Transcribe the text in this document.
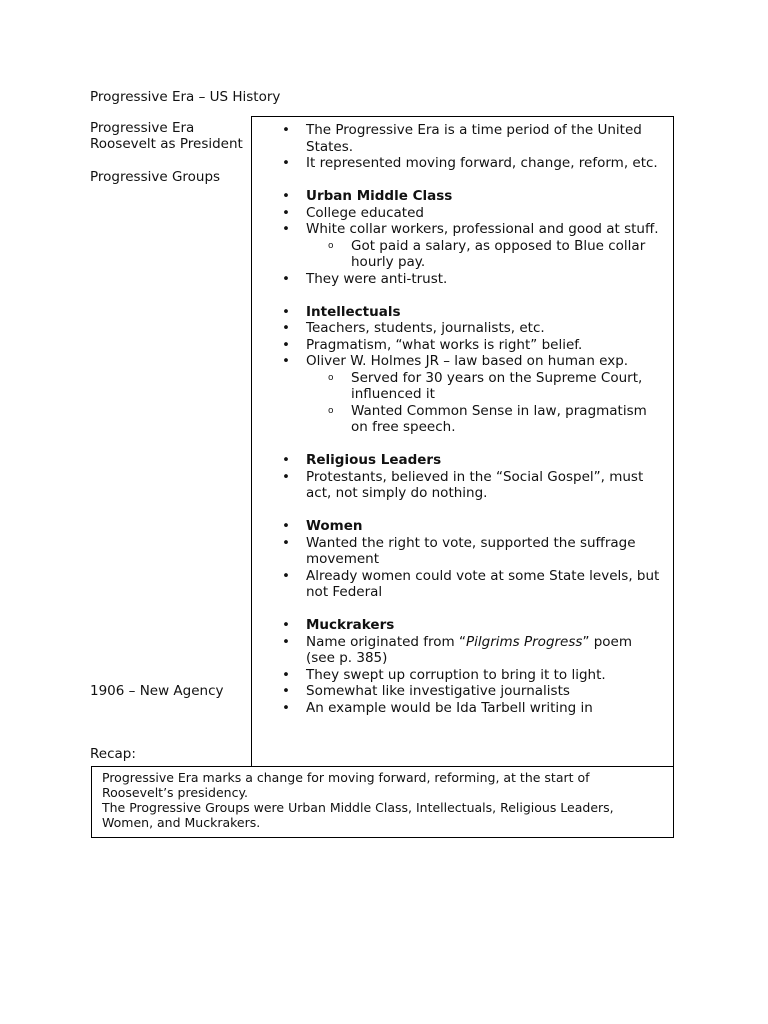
Progressive Era – US History
Progressive Era
Roosevelt as President
Progressive Groups
1906 – New Agency
Recap:
• The Progressive Era is a time period of the United States.
• It represented moving forward, change, reform, etc.
• Urban Middle Class
• College educated
• White collar workers, professional and good at stuff.
o Got paid a salary, as opposed to Blue collar hourly pay.
• They were anti-trust.
• Intellectuals
• Teachers, students, journalists, etc.
• Pragmatism, “what works is right” belief.
• Oliver W. Holmes JR – law based on human exp.
o Served for 30 years on the Supreme Court, influenced it
o Wanted Common Sense in law, pragmatism on free speech.
• Religious Leaders
• Protestants, believed in the “Social Gospel”, must act, not simply do nothing.
• Women
• Wanted the right to vote, supported the suffrage movement
• Already women could vote at some State levels, but not Federal
• Muckrakers
• Name originated from “Pilgrims Progress” poem (see p. 385)
• They swept up corruption to bring it to light.
• Somewhat like investigative journalists
• An example would be Ida Tarbell writing in
Progressive Era marks a change for moving forward, reforming, at the start of Roosevelt’s presidency.
The Progressive Groups were Urban Middle Class, Intellectuals, Religious Leaders, Women, and Muckrakers.
